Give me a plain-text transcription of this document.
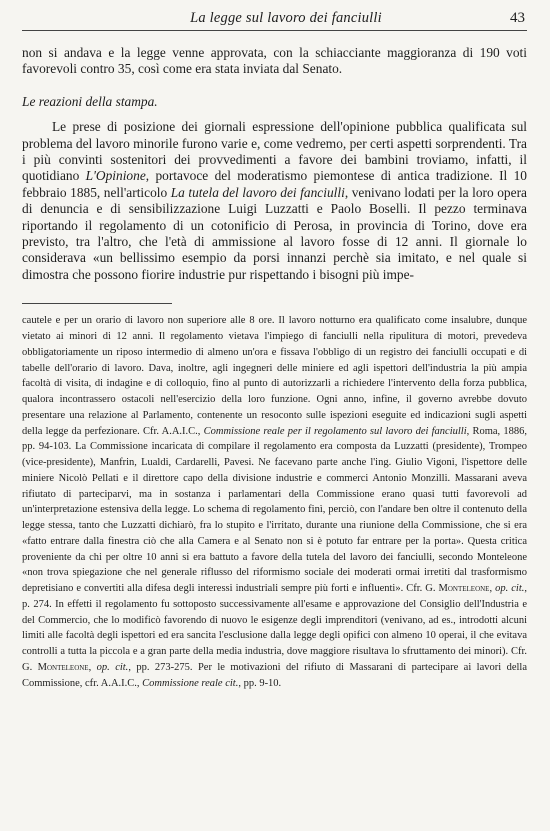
La legge sul lavoro dei fanciulli	43

non si andava e la legge venne approvata, con la schiacciante maggioranza di 190 voti favorevoli contro 35, così come era stata inviata dal Senato.

Le reazioni della stampa.

Le prese di posizione dei giornali espressione dell'opinione pubblica qualificata sul problema del lavoro minorile furono varie e, come vedremo, per certi aspetti sorprendenti. Tra i più convinti sostenitori dei provvedimenti a favore dei bambini troviamo, infatti, il quotidiano L'Opinione, portavoce del moderatismo piemontese di antica tradizione. Il 10 febbraio 1885, nell'articolo La tutela del lavoro dei fanciulli, venivano lodati per la loro opera di denuncia e di sensibilizzazione Luigi Luzzatti e Paolo Boselli. Il pezzo terminava riportando il regolamento di un cotonificio di Perosa, in provincia di Torino, dove era previsto, tra l'altro, che l'età di ammissione al lavoro fosse di 12 anni. Il giornale lo considerava «un bellissimo esempio da porsi innanzi perchè sia imitato, e nel quale si dimostra che possono fiorire industrie pur rispettando i bisogni più impe-

cautele e per un orario di lavoro non superiore alle 8 ore. Il lavoro notturno era qualificato come insalubre, dunque vietato ai minori di 12 anni. Il regolamento vietava l'impiego di fanciulli nella ripulitura di motori, prevedeva obbligatoriamente un riposo intermedio di almeno un'ora e fissava l'obbligo di un registro dei fanciulli occupati e di tabelle dell'orario di lavoro. Dava, inoltre, agli ingegneri delle miniere ed agli ispettori dell'industria la più ampia facoltà di visita, di indagine e di colloquio, fino al punto di autorizzarli a richiedere l'intervento della forza pubblica, qualora incontrassero ostacoli nell'esercizio della loro funzione. Ogni anno, infine, il governo avrebbe dovuto presentare una relazione al Parlamento, contenente un resoconto sulle ispezioni eseguite ed indicazioni sugli aspetti della legge da perfezionare. Cfr. A.A.I.C., Commissione reale per il regolamento sul lavoro dei fanciulli, Roma, 1886, pp. 94-103. La Commissione incaricata di compilare il regolamento era composta da Luzzatti (presidente), Trompeo (vice-presidente), Manfrin, Lualdi, Cardarelli, Pavesi. Ne facevano parte anche l'ing. Giulio Vigoni, l'ispettore delle miniere Nicolò Pellati e il direttore capo della divisione industrie e commerci Antonio Monzilli. Massarani aveva rifiutato di parteciparvi, ma in sostanza i parlamentari della Commissione erano quasi tutti favorevoli ad un'interpretazione estensiva della legge. Lo schema di regolamento finì, perciò, con l'andare ben oltre il contenuto della legge stessa, tanto che Luzzatti dichiarò, fra lo stupito e l'irritato, durante una riunione della Commissione, che si era «fatto entrare dalla finestra ciò che alla Camera e al Senato non si è potuto far entrare per la porta». Questa critica proveniente da chi per oltre 10 anni si era battuto a favore della tutela del lavoro dei fanciulli, secondo Monteleone «non trova spiegazione che nel generale riflusso del riformismo sociale dei moderati ormai irretiti dal trasformismo depretisiano e convertiti alla difesa degli interessi industriali sempre più forti e influenti». Cfr. G. Monteleone, op. cit., p. 274. In effetti il regolamento fu sottoposto successivamente all'esame e approvazione del Consiglio dell'Industria e del Commercio, che lo modificò favorendo di nuovo le esigenze degli imprenditori (venivano, ad es., introdotti alcuni limiti alle facoltà degli ispettori ed era sancita l'esclusione dalla legge degli opifici con almeno 10 operai, il che evitava controlli a tutta la piccola e a gran parte della media industria, dove maggiore risultava lo sfruttamento dei minori). Cfr. G. Monteleone, op. cit., pp. 273-275. Per le motivazioni del rifiuto di Massarani di partecipare ai lavori della Commissione, cfr. A.A.I.C., Commissione reale cit., pp. 9-10.
